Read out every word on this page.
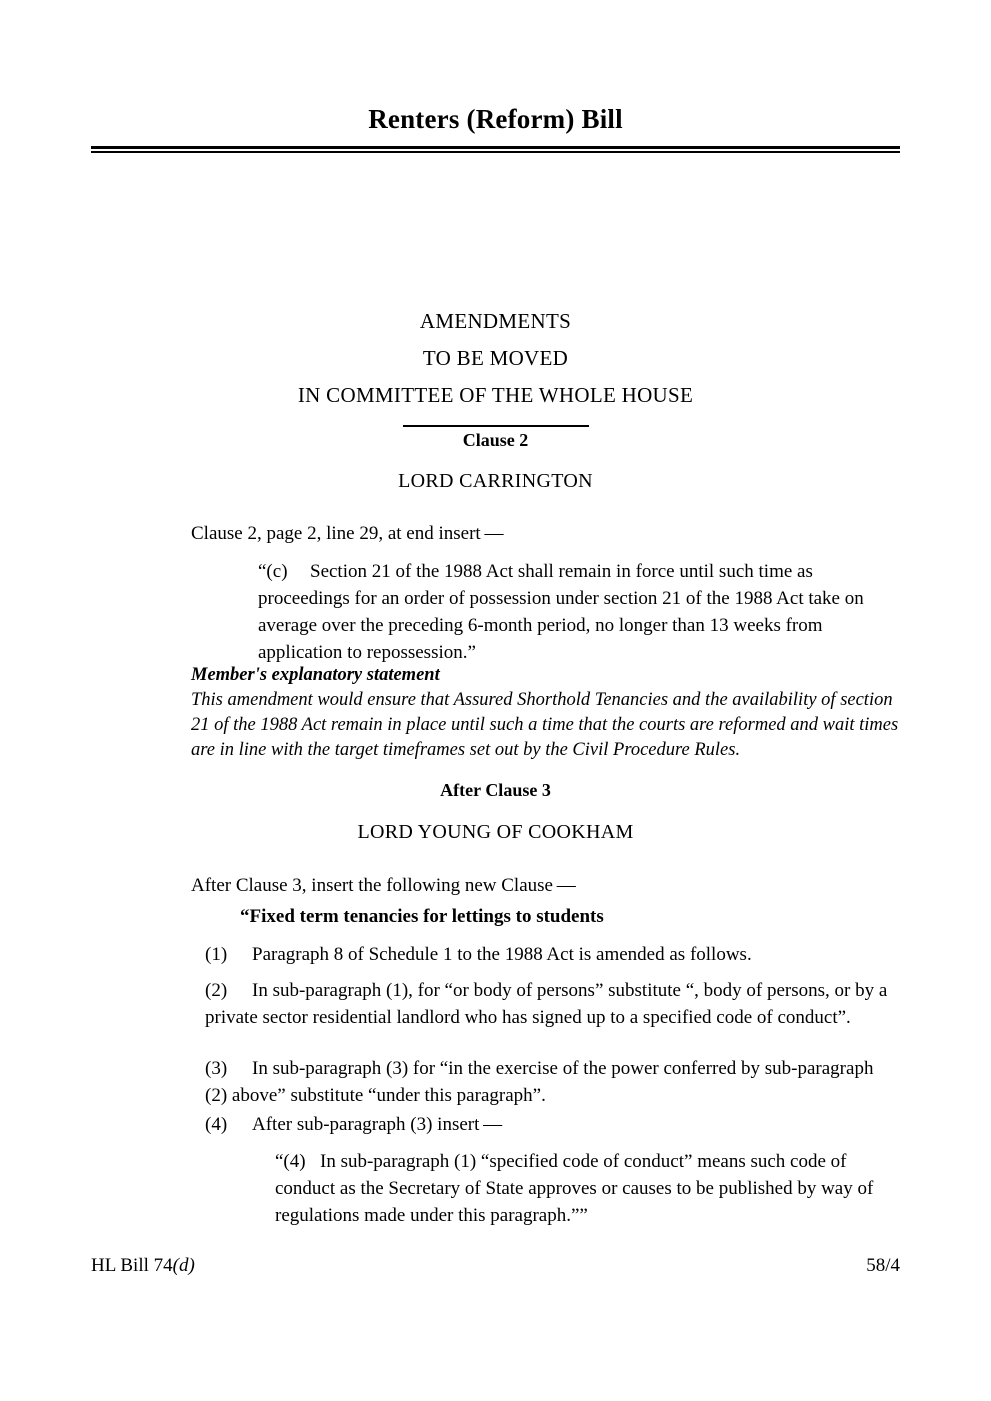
Renters (Reform) Bill
AMENDMENTS
TO BE MOVED
IN COMMITTEE OF THE WHOLE HOUSE
Clause 2
LORD CARRINGTON
Clause 2, page 2, line 29, at end insert —
“(c)	Section 21 of the 1988 Act shall remain in force until such time as proceedings for an order of possession under section 21 of the 1988 Act take on average over the preceding 6-month period, no longer than 13 weeks from application to repossession.”
Member's explanatory statement
This amendment would ensure that Assured Shorthold Tenancies and the availability of section 21 of the 1988 Act remain in place until such a time that the courts are reformed and wait times are in line with the target timeframes set out by the Civil Procedure Rules.
After Clause 3
LORD YOUNG OF COOKHAM
After Clause 3, insert the following new Clause —
“Fixed term tenancies for lettings to students
(1)	Paragraph 8 of Schedule 1 to the 1988 Act is amended as follows.
(2)	In sub-paragraph (1), for “or body of persons” substitute “, body of persons, or by a private sector residential landlord who has signed up to a specified code of conduct”.
(3)	In sub-paragraph (3) for “in the exercise of the power conferred by sub-paragraph (2) above” substitute “under this paragraph”.
(4)	After sub-paragraph (3) insert —
“(4) In sub-paragraph (1) “specified code of conduct” means such code of conduct as the Secretary of State approves or causes to be published by way of regulations made under this paragraph.””
HL Bill 74(d)	58/4
